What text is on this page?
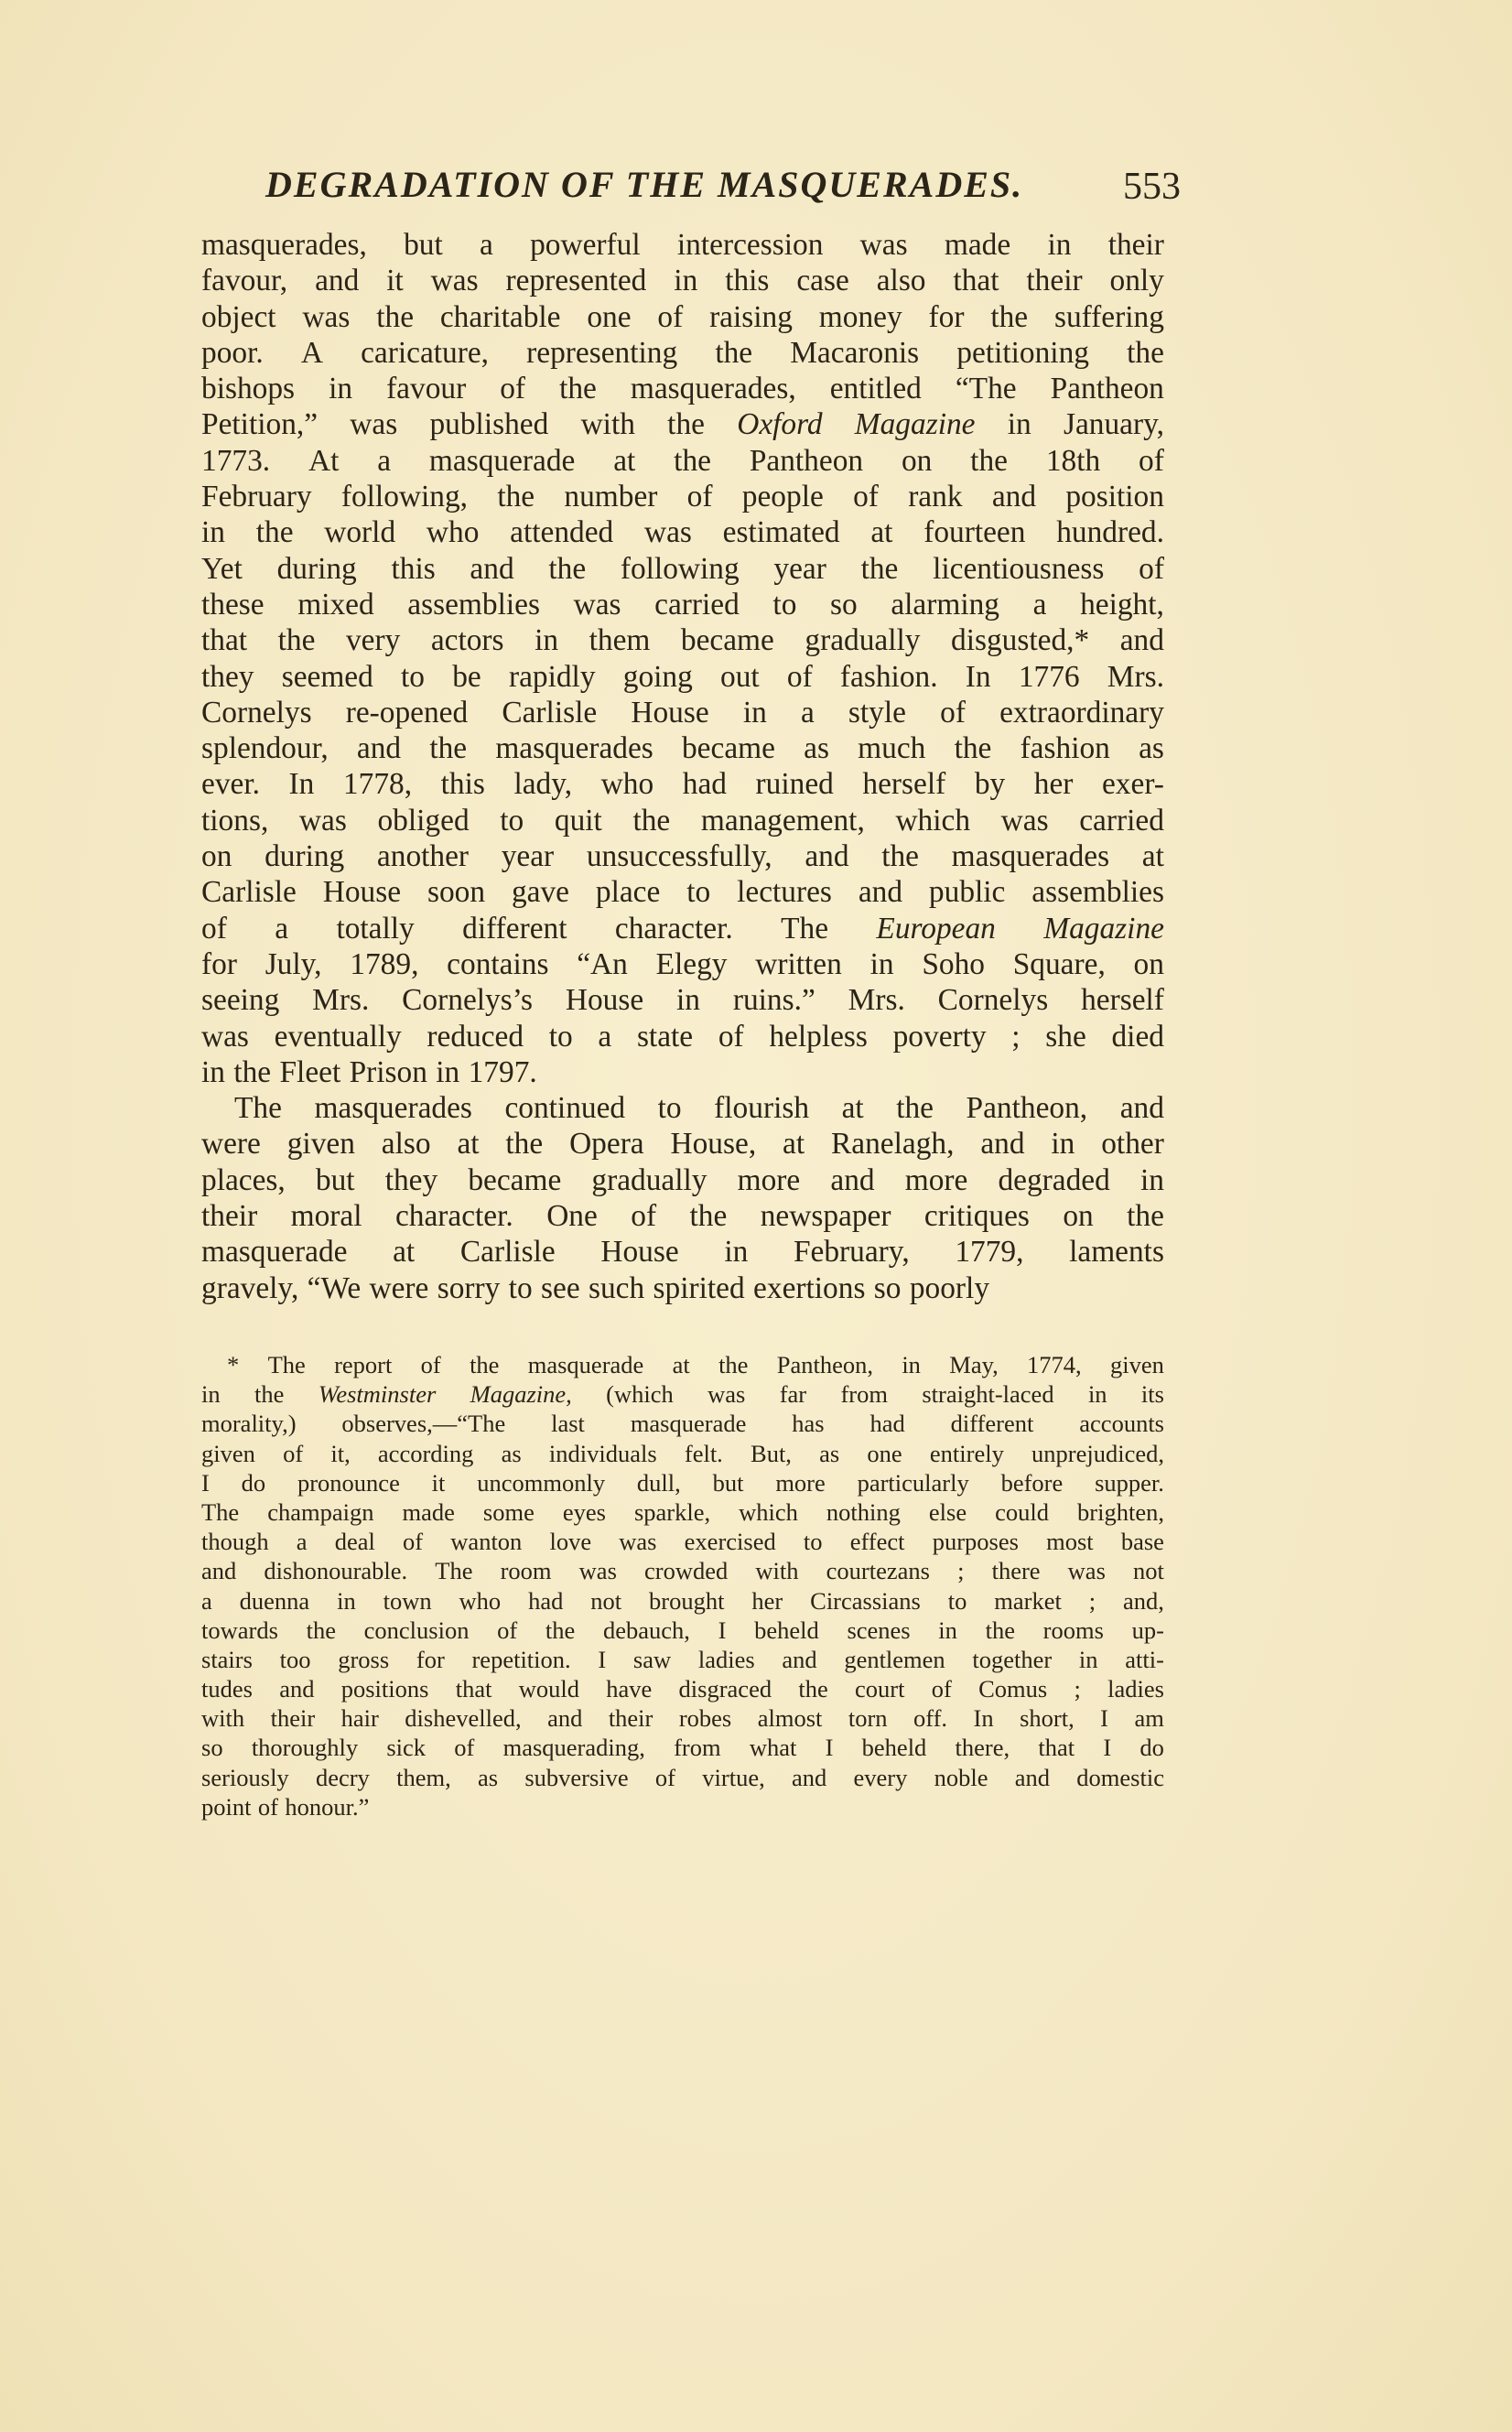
DEGRADATION OF THE MASQUERADES.	553
masquerades, but a powerful intercession was made in their
favour, and it was represented in this case also that their only
object was the charitable one of raising money for the suffering
poor. A caricature, representing the Macaronis petitioning the
bishops in favour of the masquerades, entitled “The Pantheon
Petition,” was published with the Oxford Magazine in January,
1773. At a masquerade at the Pantheon on the 18th of
February following, the number of people of rank and position
in the world who attended was estimated at fourteen hundred.
Yet during this and the following year the licentiousness of
these mixed assemblies was carried to so alarming a height,
that the very actors in them became gradually disgusted,* and
they seemed to be rapidly going out of fashion. In 1776 Mrs.
Cornelys re-opened Carlisle House in a style of extraordinary
splendour, and the masquerades became as much the fashion as
ever. In 1778, this lady, who had ruined herself by her exer-
tions, was obliged to quit the management, which was carried
on during another year unsuccessfully, and the masquerades at
Carlisle House soon gave place to lectures and public assemblies
of a totally different character. The European Magazine
for July, 1789, contains “An Elegy written in Soho Square, on
seeing Mrs. Cornelys’s House in ruins.” Mrs. Cornelys herself
was eventually reduced to a state of helpless poverty ; she died
in the Fleet Prison in 1797.
The masquerades continued to flourish at the Pantheon, and
were given also at the Opera House, at Ranelagh, and in other
places, but they became gradually more and more degraded in
their moral character. One of the newspaper critiques on the
masquerade at Carlisle House in February, 1779, laments
gravely, “We were sorry to see such spirited exertions so poorly
* The report of the masquerade at the Pantheon, in May, 1774, given
in the Westminster Magazine, (which was far from straight-laced in its
morality,) observes,—“The last masquerade has had different accounts
given of it, according as individuals felt. But, as one entirely unprejudiced,
I do pronounce it uncommonly dull, but more particularly before supper.
The champaign made some eyes sparkle, which nothing else could brighten,
though a deal of wanton love was exercised to effect purposes most base
and dishonourable. The room was crowded with courtezans ; there was not
a duenna in town who had not brought her Circassians to market ; and,
towards the conclusion of the debauch, I beheld scenes in the rooms up-
stairs too gross for repetition. I saw ladies and gentlemen together in atti-
tudes and positions that would have disgraced the court of Comus ; ladies
with their hair dishevelled, and their robes almost torn off. In short, I am
so thoroughly sick of masquerading, from what I beheld there, that I do
seriously decry them, as subversive of virtue, and every noble and domestic
point of honour.”
